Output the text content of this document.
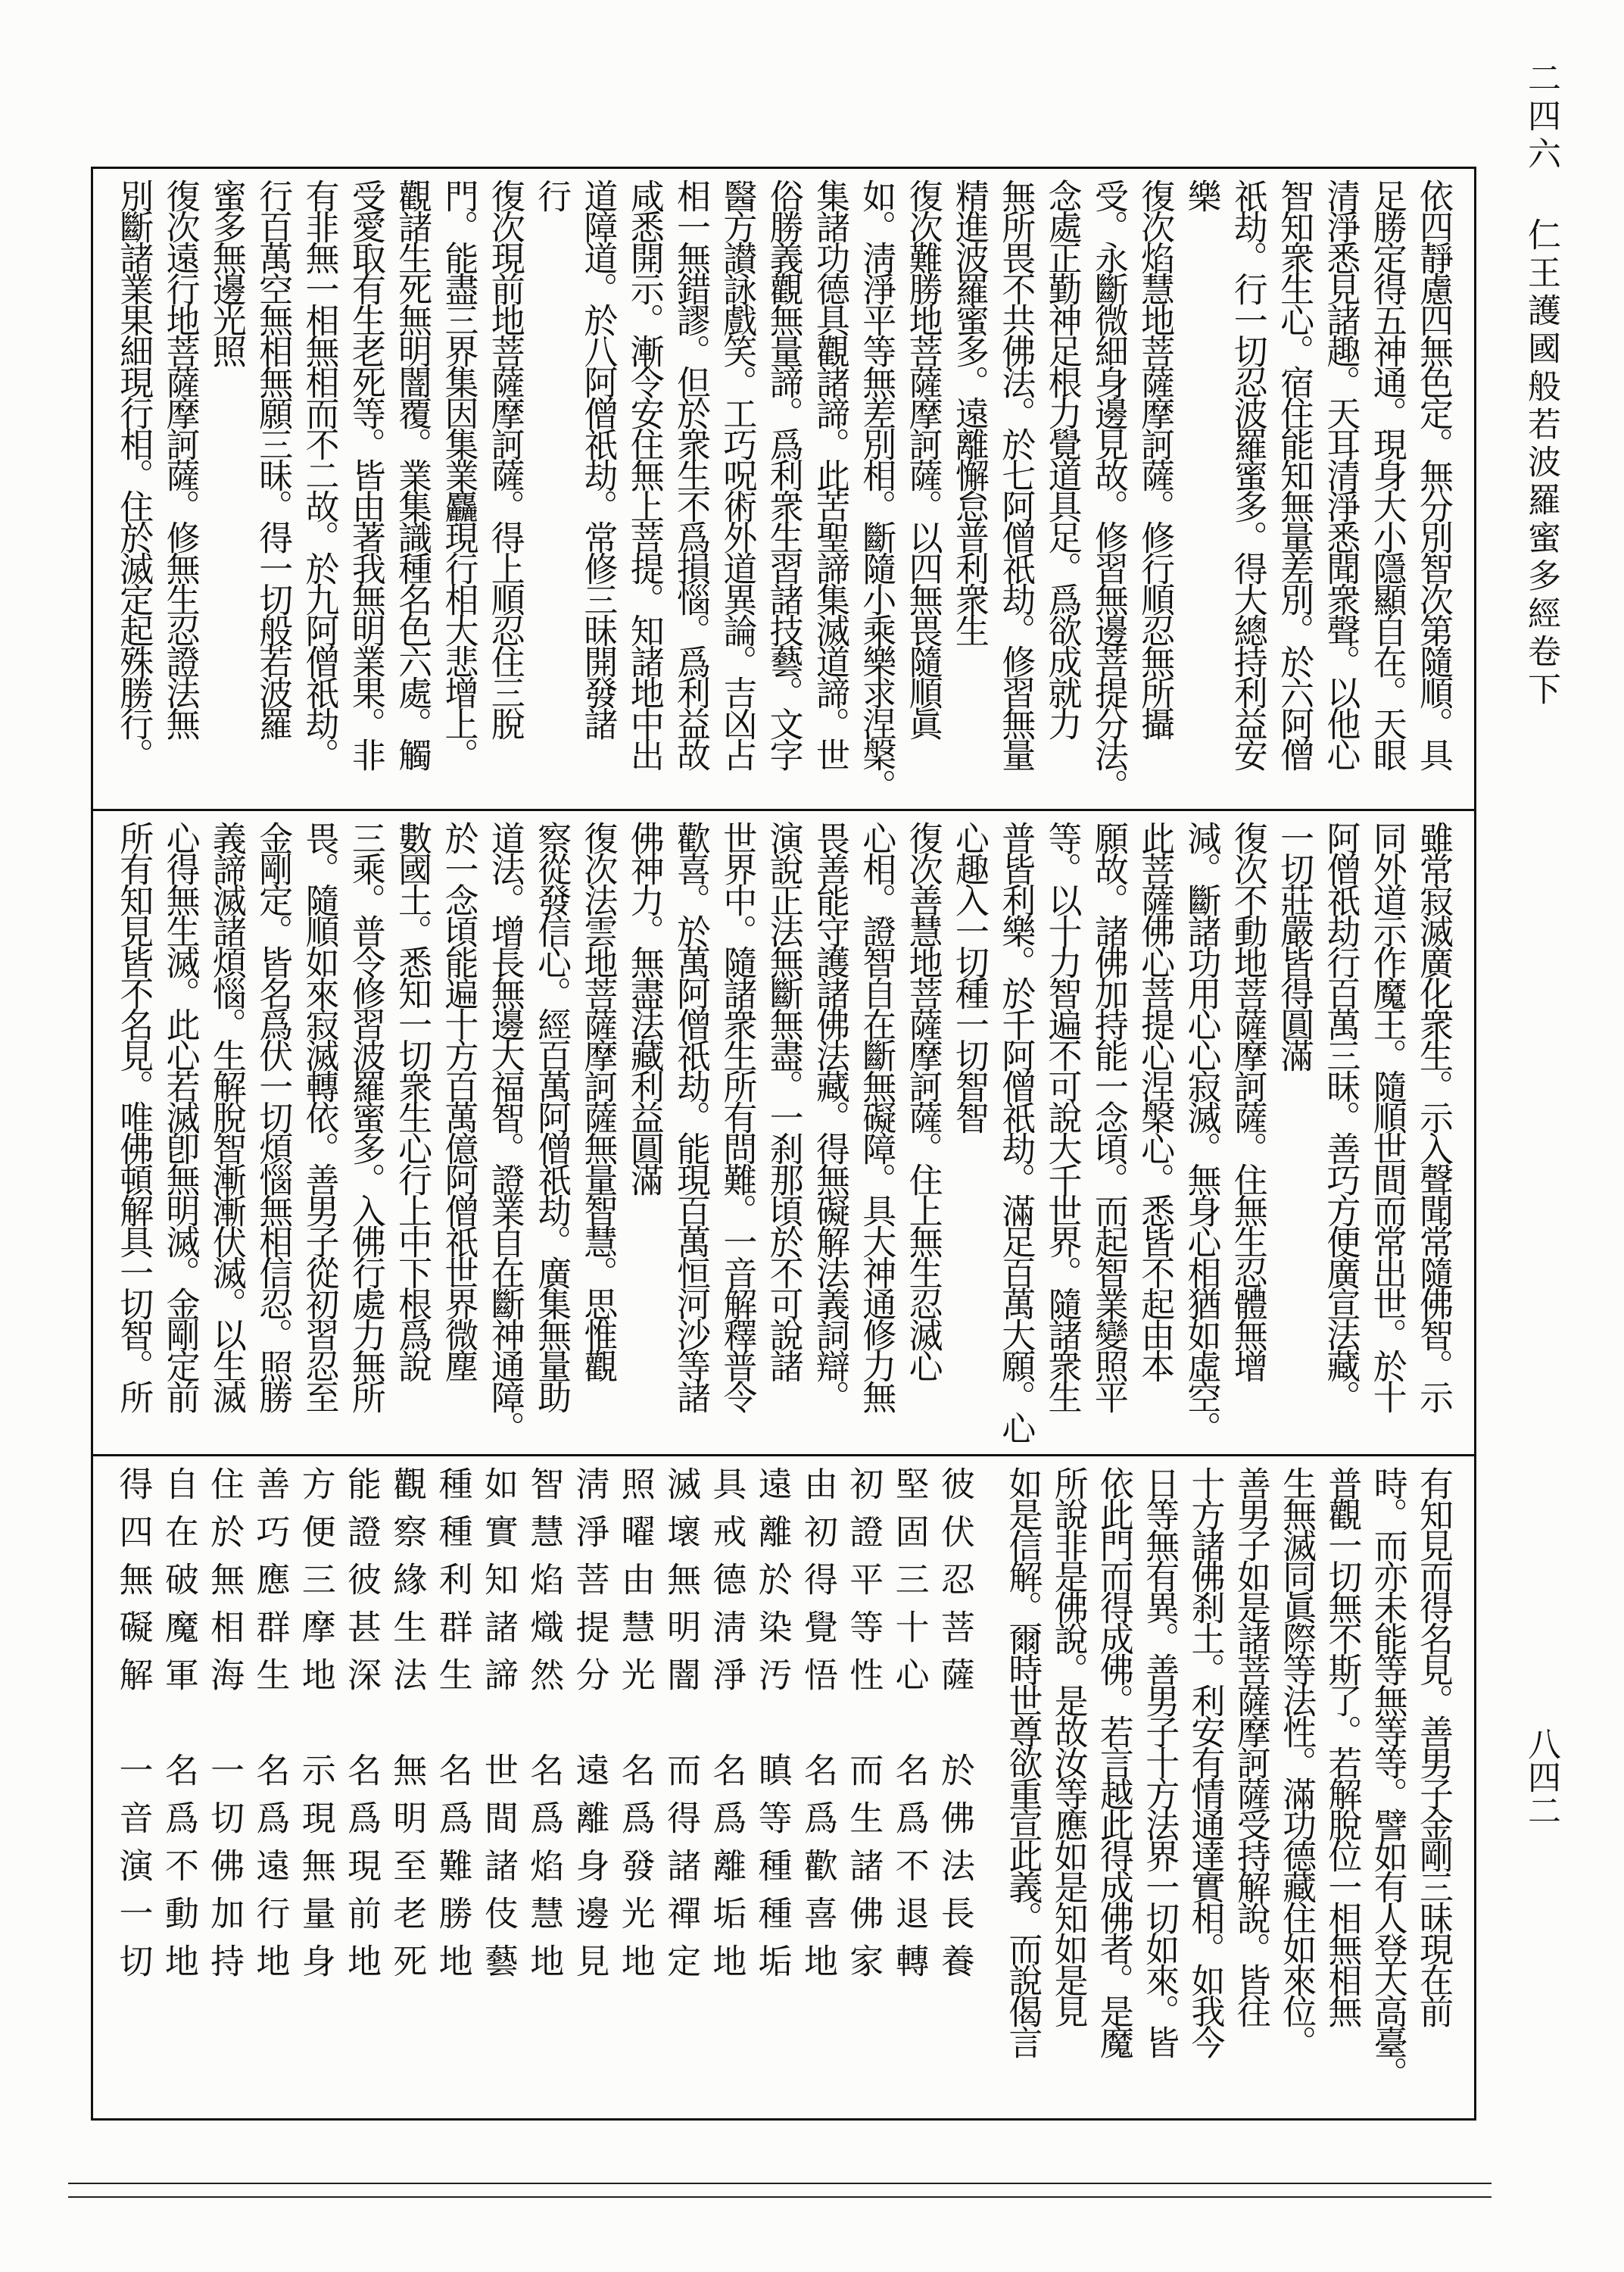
二四六 仁王護國般若波羅蜜多經卷下
八四二
依四靜慮四無色定。無分別智次第隨順。具
足勝定得五神通。現身大小隱顯自在。天眼
清淨悉見諸趣。天耳清淨悉聞衆聲。以他心
智知衆生心。宿住能知無量差別。於六阿僧
祇劫。行一切忍波羅蜜多。得大總持利益安
樂
復次焰慧地菩薩摩訶薩。修行順忍無所攝
受。永斷微細身邊見故。修習無邊菩提分法。
念處正勤神足根力覺道具足。爲欲成就力
無所畏不共佛法。於七阿僧祇劫。修習無量
精進波羅蜜多。遠離懈怠普利衆生
復次難勝地菩薩摩訶薩。以四無畏隨順眞
如。淸淨平等無差別相。斷隨小乘樂求涅槃。
集諸功德具觀諸諦。此苦聖諦集滅道諦。世
俗勝義觀無量諦。爲利衆生習諸技藝。文字
醫方讃詠戲笑。工巧呪術外道異論。吉凶占
相一無錯謬。但於衆生不爲損惱。爲利益故
咸悉開示。漸令安住無上菩提。知諸地中出
道障道。於八阿僧祇劫。常修三昧開發諸
行
復次現前地菩薩摩訶薩。得上順忍住三脫
門。能盡三界集因集業麤現行相大悲增上。
觀諸生死無明闇覆。業集識種名色六處。觸
受愛取有生老死等。皆由著我無明業果。非
有非無一相無相而不二故。於九阿僧祇劫。
行百萬空無相無願三昧。得一切般若波羅
蜜多無邊光照
復次遠行地菩薩摩訶薩。修無生忍證法無
別斷諸業果細現行相。住於滅定起殊勝行。
雖常寂滅廣化衆生。示入聲聞常隨佛智。示
同外道示作魔王。隨順世間而常出世。於十
阿僧祇劫行百萬三昧。善巧方便廣宣法藏。
一切莊嚴皆得圓滿
復次不動地菩薩摩訶薩。住無生忍體無增
減。斷諸功用心心寂滅。無身心相猶如虛空。
此菩薩佛心菩提心涅槃心。悉皆不起由本
願故。諸佛加持能一念頃。而起智業變照平
等。以十力智遍不可說大千世界。隨諸衆生
普皆利樂。於千阿僧祇劫。滿足百萬大願。心
心趣入一切種一切智智
復次善慧地菩薩摩訶薩。住上無生忍滅心
心相。證智自在斷無礙障。具大神通修力無
畏善能守護諸佛法藏。得無礙解法義詞辯。
演說正法無斷無盡。一刹那頃於不可說諸
世界中。隨諸衆生所有問難。一音解釋普令
歡喜。於萬阿僧祇劫。能現百萬恒河沙等諸
佛神力。無盡法藏利益圓滿
復次法雲地菩薩摩訶薩無量智慧。思惟觀
察從發信心。經百萬阿僧祇劫。廣集無量助
道法。增長無邊大福智。證業自在斷神通障。
於一念頃能遍十方百萬億阿僧祇世界微塵
數國土。悉知一切衆生心行上中下根爲說
三乘。普令修習波羅蜜多。入佛行處力無所
畏。隨順如來寂滅轉依。善男子從初習忍至
金剛定。皆名爲伏一切煩惱無相信忍。照勝
義諦滅諸煩惱。生解脫智漸漸伏滅。以生滅
心得無生滅。此心若滅卽無明滅。金剛定前
所有知見皆不名見。唯佛頓解具一切智。所
有知見而得名見。善男子金剛三昧現在前
時。而亦未能等無等等。譬如有人登大高臺。
普觀一切無不斯了。若解脫位一相無相無
生無滅同眞際等法性。滿功德藏住如來位。
善男子如是諸菩薩摩訶薩受持解說。皆往
十方諸佛刹土。利安有情通達實相。如我今
日等無有異。善男子十方法界一切如來。皆
依此門而得成佛。若言越此得成佛者。是魔
所說非是佛說。是故汝等應如是知如是見
如是信解。爾時世尊欲重宣此義。而說偈言
彼伏忍菩薩　於佛法長養
堅固三十心　名爲不退轉
初證平等性　而生諸佛家
由初得覺悟　名爲歡喜地
遠離於染汚　瞋等種種垢
具戒德淸淨　名爲離垢地
滅壞無明闇　而得諸禪定
照曜由慧光　名爲發光地
淸淨菩提分　遠離身邊見
智慧焰熾然　名爲焰慧地
如實知諸諦　世間諸伎藝
種種利群生　名爲難勝地
觀察緣生法　無明至老死
能證彼甚深　名爲現前地
方便三摩地　示現無量身
善巧應群生　名爲遠行地
住於無相海　一切佛加持
自在破魔軍　名爲不動地
得四無礙解　一音演一切
